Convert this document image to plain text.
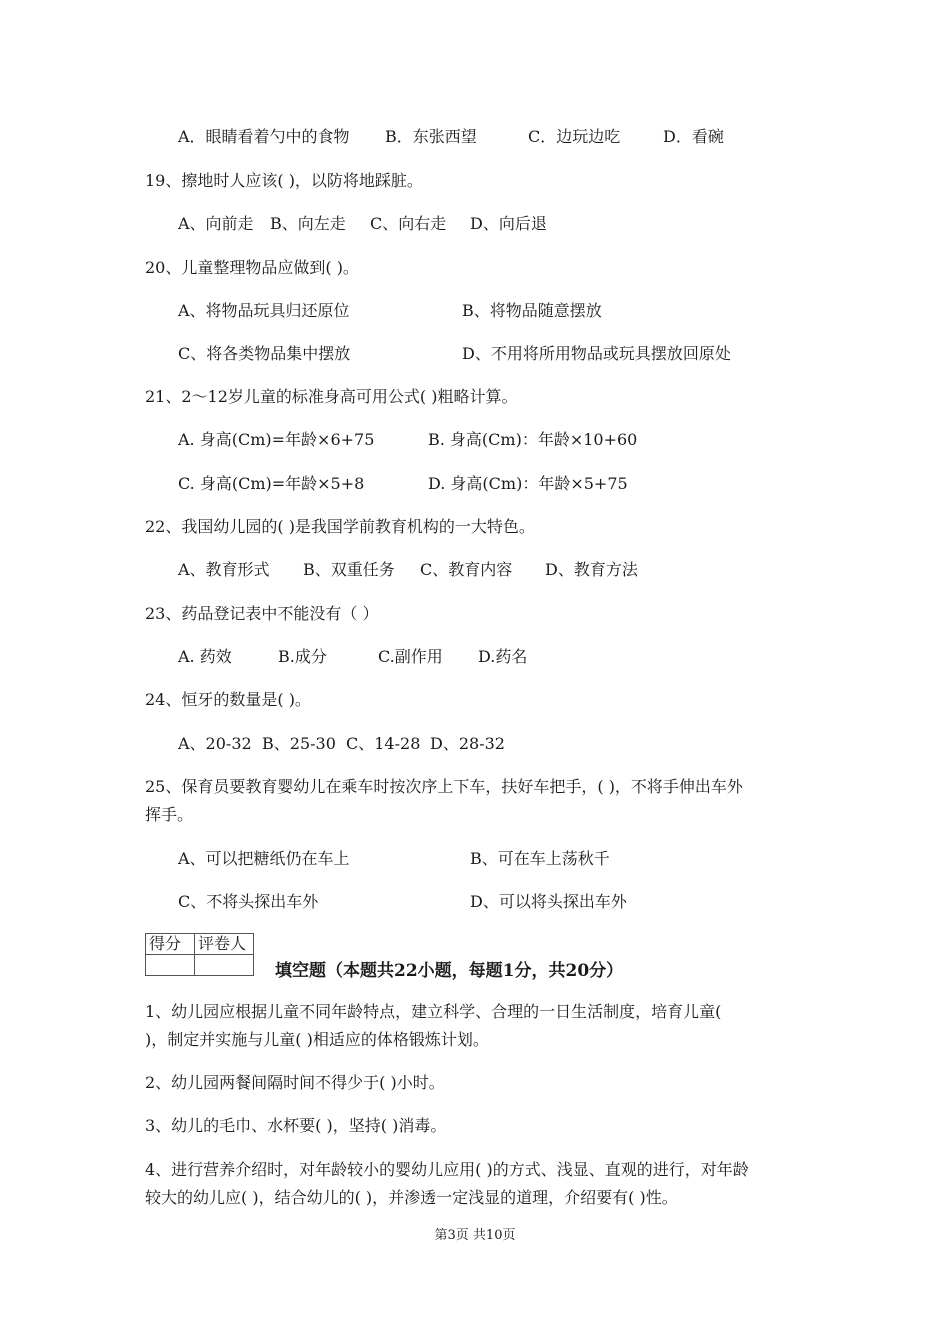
A．眼睛看着勺中的食物 B．东张西望	C．边玩边吃	D．看碗
19、擦地时人应该( )，以防将地踩脏。
A、向前走 B、向左走 C、向右走 D、向后退
20、儿童整理物品应做到( )。
A、将物品玩具归还原位	B、将物品随意摆放
C、将各类物品集中摆放	D、不用将所用物品或玩具摆放回原处
21、2～12岁儿童的标准身高可用公式( )粗略计算。
A. 身高(Cm)=年龄×6+75	B. 身高(Cm)：年龄×10+60
C. 身高(Cm)=年龄×5+8	D. 身高(Cm)：年龄×5+75
22、我国幼儿园的( )是我国学前教育机构的一大特色。
A、教育形式 B、双重任务 C、教育内容 D、教育方法
23、药品登记表中不能没有（ ）
A. 药效	B.成分	C.副作用 D.药名
24、恒牙的数量是( )。
A、20-32 B、25-30 C、14-28 D、28-32
25、保育员要教育婴幼儿在乘车时按次序上下车，扶好车把手，( )，不将手伸出车外
挥手。
A、可以把糖纸仍在车上	B、可在车上荡秋千
C、不将头探出车外	D、可以将头探出车外
得分	评卷人

填空题（本题共22小题，每题1分，共20分）
1、幼儿园应根据儿童不同年龄特点，建立科学、合理的一日生活制度，培育儿童(
)，制定并实施与儿童( )相适应的体格锻炼计划。
2、幼儿园两餐间隔时间不得少于( )小时。
3、幼儿的毛巾、水杯要( )，坚持( )消毒。
4、进行营养介绍时，对年龄较小的婴幼儿应用( )的方式、浅显、直观的进行，对年龄
较大的幼儿应( )，结合幼儿的( )，并渗透一定浅显的道理，介绍要有( )性。
第3页 共10页
